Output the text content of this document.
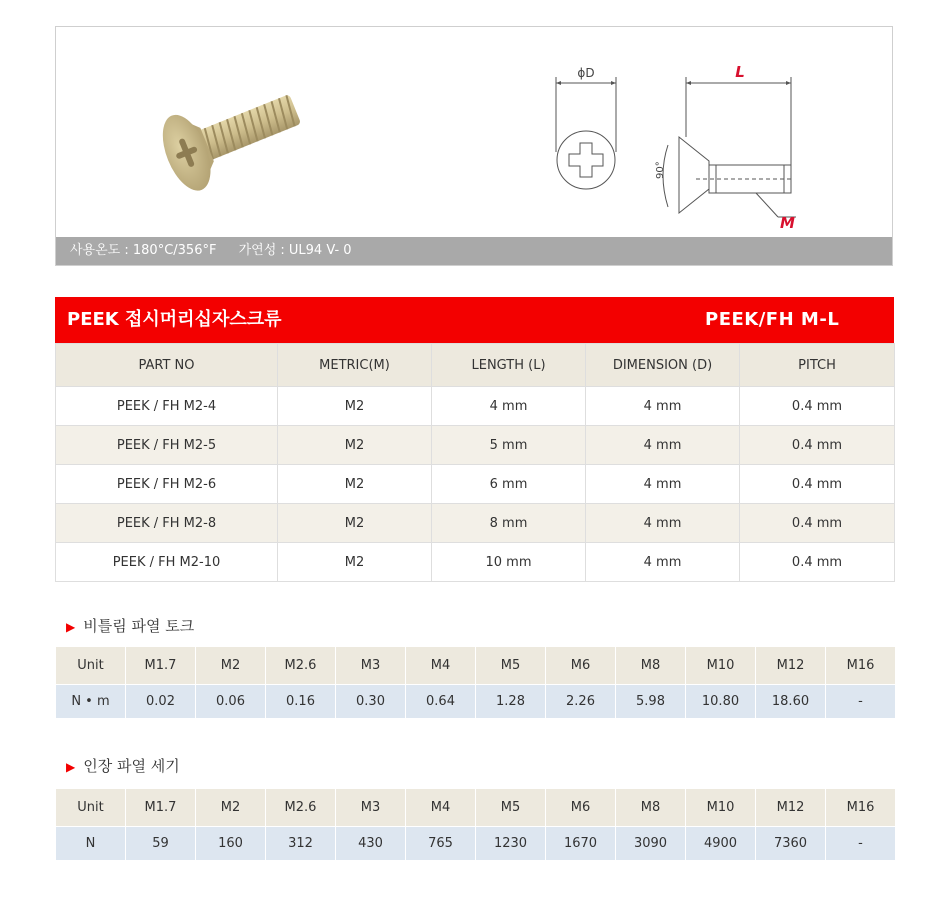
ϕD	L
90°
M
사용온도 : 180°C/356°F 가연성 : UL94 V- 0
PEEK 접시머리십자스크류	PEEK/FH M-L
PART NO	METRIC(M)	LENGTH (L)	DIMENSION (D)	PITCH
PEEK / FH M2-4	M2	4 mm	4 mm	0.4 mm
PEEK / FH M2-5	M2	5 mm	4 mm	0.4 mm
PEEK / FH M2-6	M2	6 mm	4 mm	0.4 mm
PEEK / FH M2-8	M2	8 mm	4 mm	0.4 mm
PEEK / FH M2-10	M2	10 mm	4 mm	0.4 mm
▶ 비틀림 파열 토크
Unit	M1.7	M2	M2.6	M3	M4	M5	M6	M8	M10	M12	M16
N • m	0.02	0.06	0.16	0.30	0.64	1.28	2.26	5.98	10.80	18.60	-
▶ 인장 파열 세기
Unit	M1.7	M2	M2.6	M3	M4	M5	M6	M8	M10	M12	M16
N	59	160	312	430	765	1230	1670	3090	4900	7360	-
